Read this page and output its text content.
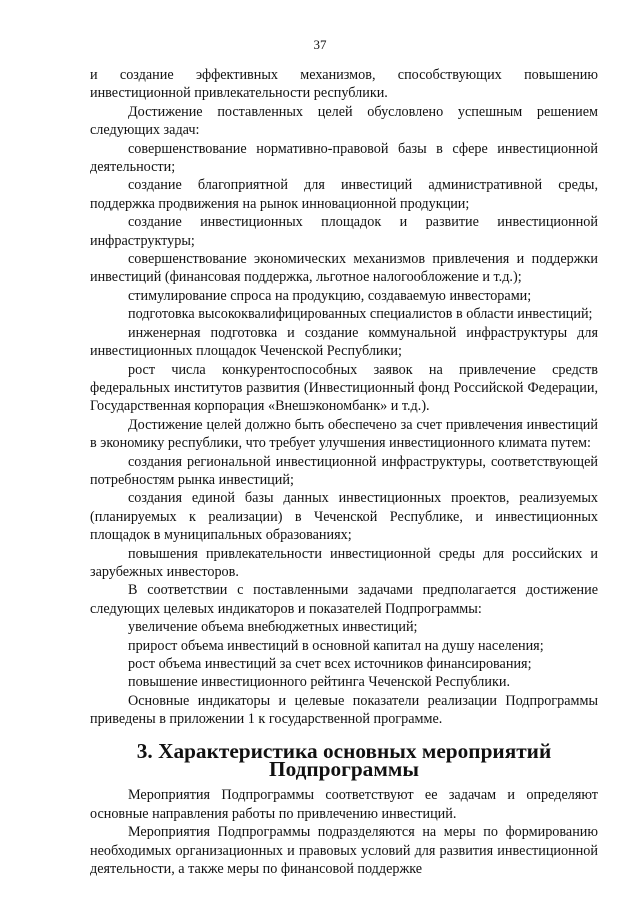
37

и создание эффективных механизмов, способствующих повышению инвестиционной привлекательности республики.

Достижение поставленных целей обусловлено успешным решением следующих задач:

совершенствование нормативно-правовой базы в сфере инвестиционной деятельности;

создание благоприятной для инвестиций административной среды, поддержка продвижения на рынок инновационной продукции;

создание инвестиционных площадок и развитие инвестиционной инфраструктуры;

совершенствование экономических механизмов привлечения и поддержки инвестиций (финансовая поддержка, льготное налогообложение и т.д.);

стимулирование спроса на продукцию, создаваемую инвесторами;

подготовка высококвалифицированных специалистов в области инвестиций;

инженерная подготовка и создание коммунальной инфраструктуры для инвестиционных площадок Чеченской Республики;

рост числа конкурентоспособных заявок на привлечение средств федеральных институтов развития (Инвестиционный фонд Российской Федерации, Государственная корпорация «Внешэкономбанк» и т.д.).

Достижение целей должно быть обеспечено за счет привлечения инвестиций в экономику республики, что требует улучшения инвестиционного климата путем:

создания региональной инвестиционной инфраструктуры, соответствующей потребностям рынка инвестиций;

создания единой базы данных инвестиционных проектов, реализуемых (планируемых к реализации) в Чеченской Республике, и инвестиционных площадок в муниципальных образованиях;

повышения привлекательности инвестиционной среды для российских и зарубежных инвесторов.

В соответствии с поставленными задачами предполагается достижение следующих целевых индикаторов и показателей Подпрограммы:

увеличение объема внебюджетных инвестиций;

прирост объема инвестиций в основной капитал на душу населения;

рост объема инвестиций за счет всех источников финансирования;

повышение инвестиционного рейтинга Чеченской Республики.

Основные индикаторы и целевые показатели реализации Подпрограммы приведены в приложении 1 к государственной программе.

3. Характеристика основных мероприятий Подпрограммы

Мероприятия Подпрограммы соответствуют ее задачам и определяют основные направления работы по привлечению инвестиций.

Мероприятия Подпрограммы подразделяются на меры по формированию необходимых организационных и правовых условий для развития инвестиционной деятельности, а также меры по финансовой поддержке
